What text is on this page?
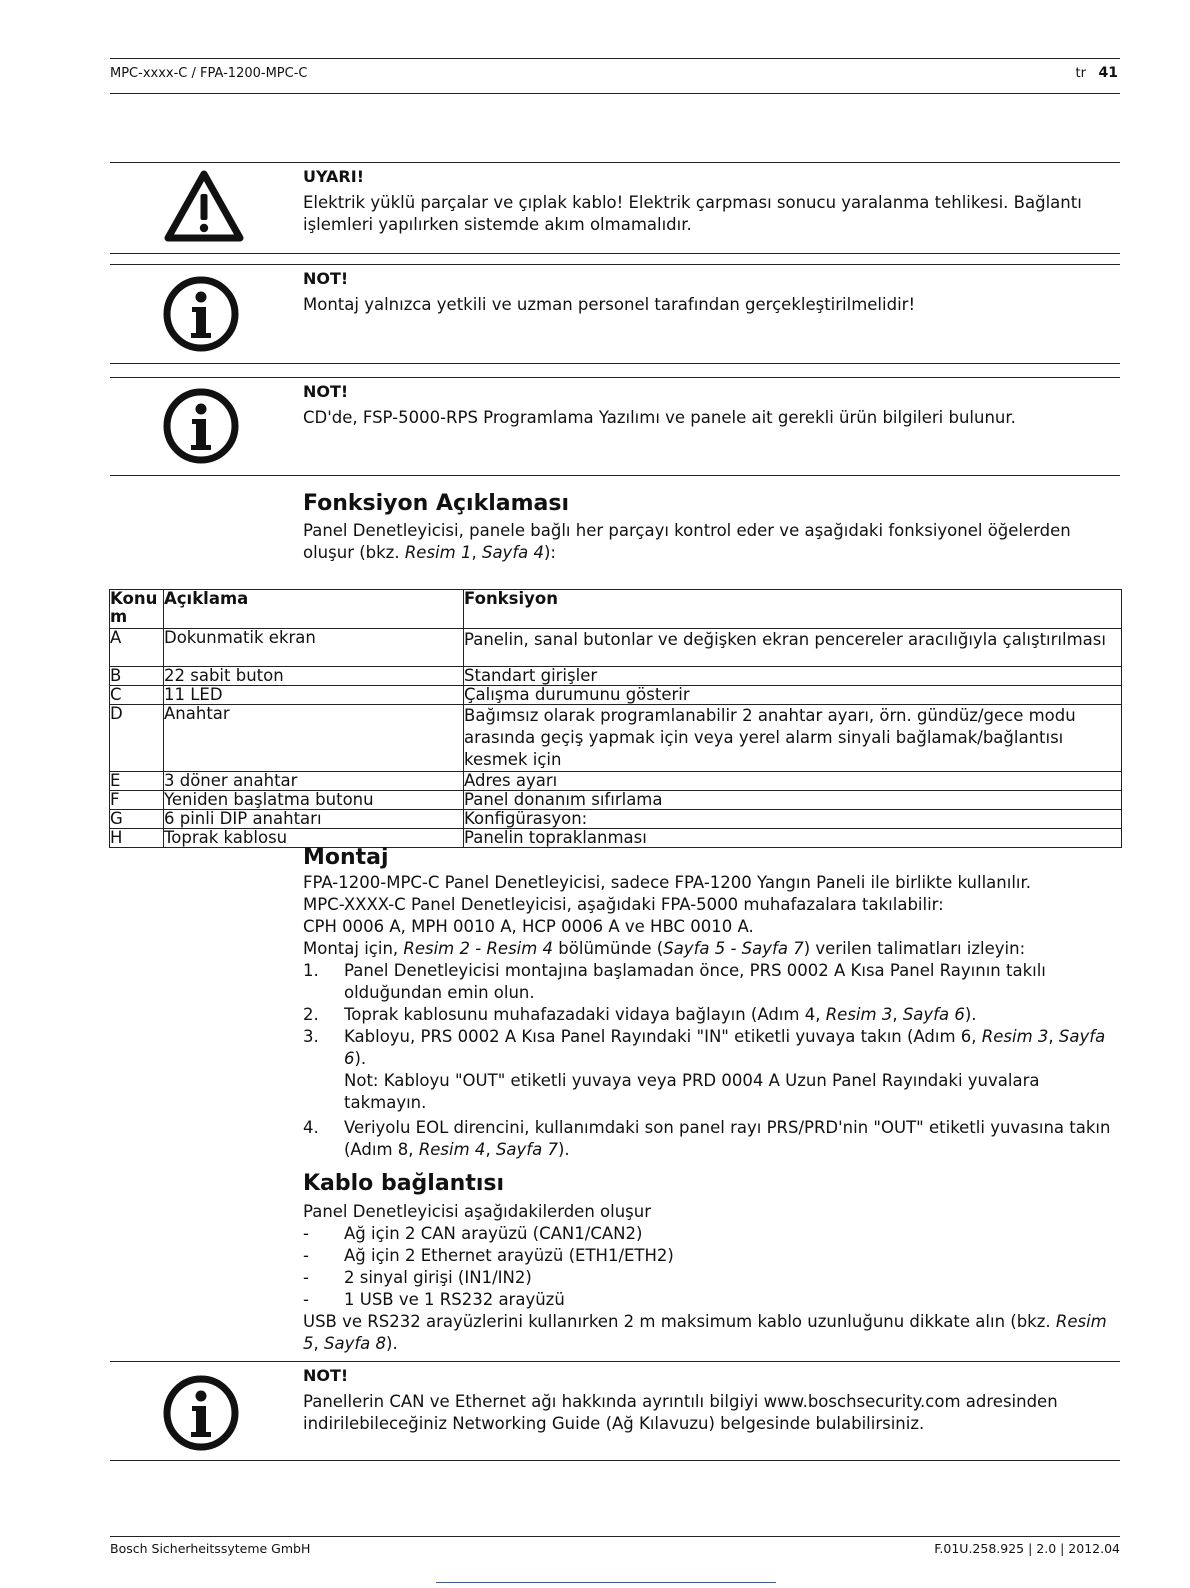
MPC-xxxx-C / FPA-1200-MPC-C	tr 41
UYARI!
Elektrik yüklü parçalar ve çıplak kablo! Elektrik çarpması sonucu yaralanma tehlikesi. Bağlantı işlemleri yapılırken sistemde akım olmamalıdır.
NOT!
Montaj yalnızca yetkili ve uzman personel tarafından gerçekleştirilmelidir!
NOT!
CD'de, FSP-5000-RPS Programlama Yazılımı ve panele ait gerekli ürün bilgileri bulunur.
Fonksiyon Açıklaması
Panel Denetleyicisi, panele bağlı her parçayı kontrol eder ve aşağıdaki fonksiyonel öğelerden oluşur (bkz. Resim 1, Sayfa 4):
Konu m	Açıklama	Fonksiyon
A	Dokunmatik ekran	Panelin, sanal butonlar ve değişken ekran pencereler aracılığıyla çalıştırılması
B	22 sabit buton	Standart girişler
C	11 LED	Çalışma durumunu gösterir
D	Anahtar	Bağımsız olarak programlanabilir 2 anahtar ayarı, örn. gündüz/gece modu arasında geçiş yapmak için veya yerel alarm sinyali bağlamak/bağlantısı kesmek için
E	3 döner anahtar	Adres ayarı
F	Yeniden başlatma butonu	Panel donanım sıfırlama
G	6 pinli DIP anahtarı	Konfigürasyon:
H	Toprak kablosu	Panelin topraklanması
Montaj
FPA-1200-MPC-C Panel Denetleyicisi, sadece FPA-1200 Yangın Paneli ile birlikte kullanılır.
MPC-XXXX-C Panel Denetleyicisi, aşağıdaki FPA-5000 muhafazalara takılabilir:
CPH 0006 A, MPH 0010 A, HCP 0006 A ve HBC 0010 A.
Montaj için, Resim 2 - Resim 4 bölümünde (Sayfa 5 - Sayfa 7) verilen talimatları izleyin:
1. Panel Denetleyicisi montajına başlamadan önce, PRS 0002 A Kısa Panel Rayının takılı olduğundan emin olun.
2. Toprak kablosunu muhafazadaki vidaya bağlayın (Adım 4, Resim 3, Sayfa 6).
3. Kabloyu, PRS 0002 A Kısa Panel Rayındaki "IN" etiketli yuvaya takın (Adım 6, Resim 3, Sayfa 6).
Not: Kabloyu "OUT" etiketli yuvaya veya PRD 0004 A Uzun Panel Rayındaki yuvalara takmayın.
4. Veriyolu EOL direncini, kullanımdaki son panel rayı PRS/PRD'nin "OUT" etiketli yuvasına takın (Adım 8, Resim 4, Sayfa 7).
Kablo bağlantısı
Panel Denetleyicisi aşağıdakilerden oluşur
- Ağ için 2 CAN arayüzü (CAN1/CAN2)
- Ağ için 2 Ethernet arayüzü (ETH1/ETH2)
- 2 sinyal girişi (IN1/IN2)
- 1 USB ve 1 RS232 arayüzü
USB ve RS232 arayüzlerini kullanırken 2 m maksimum kablo uzunluğunu dikkate alın (bkz. Resim 5, Sayfa 8).
NOT!
Panellerin CAN ve Ethernet ağı hakkında ayrıntılı bilgiyi www.boschsecurity.com adresinden indirilebileceğiniz Networking Guide (Ağ Kılavuzu) belgesinde bulabilirsiniz.
Bosch Sicherheitssyteme GmbH	F.01U.258.925 | 2.0 | 2012.04
